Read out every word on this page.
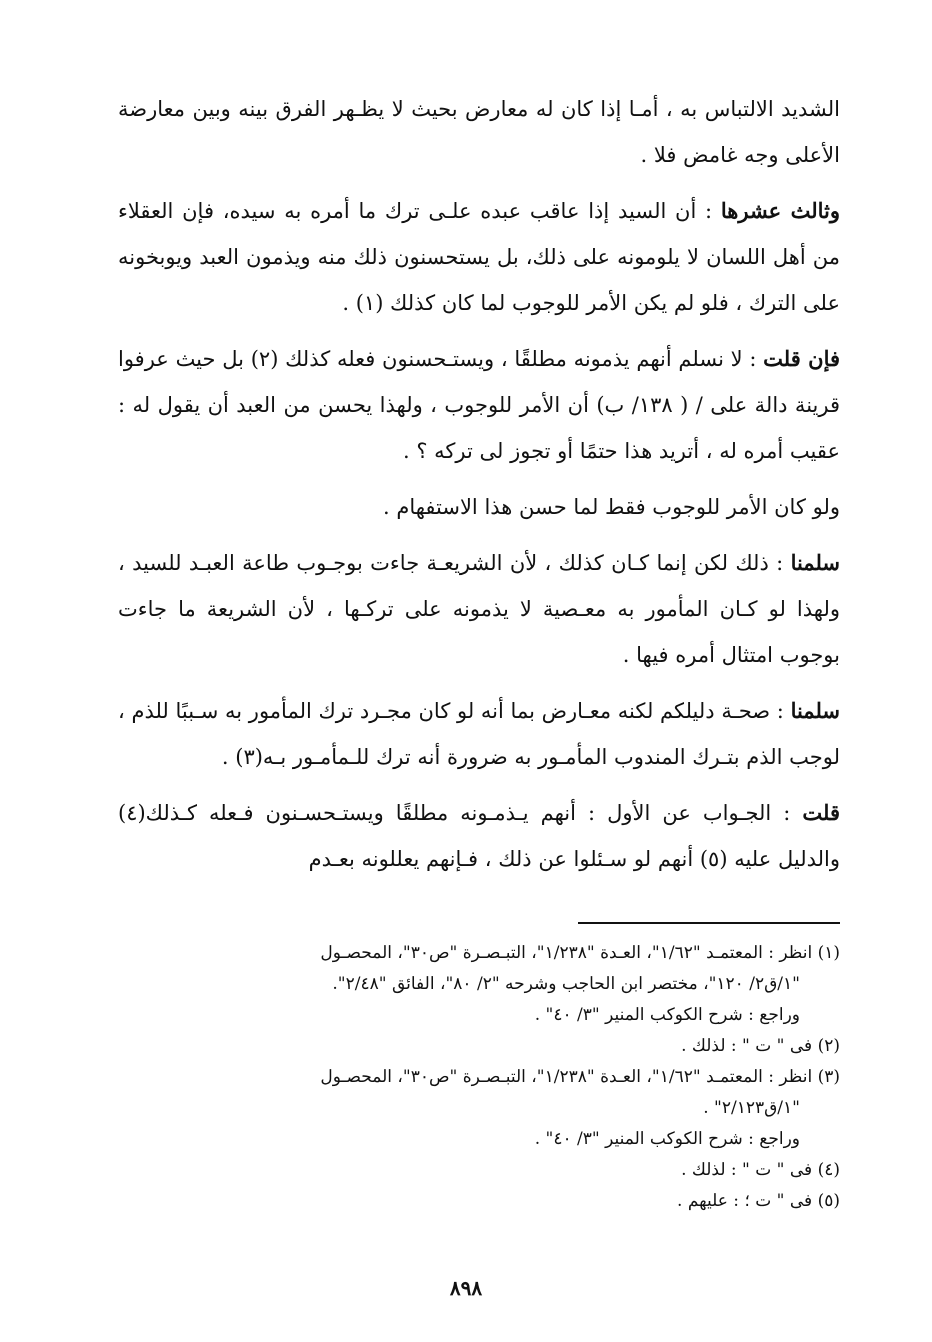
الشديد الالتباس به ، أمـا إذا كان له معارض بحيث لا يظـهر الفرق بينه وبين معارضة الأعلى وجه غامض فلا .

وثالث عشرها : أن السيد إذا عاقب عبده علـى ترك ما أمره به سيده، فإن العقلاء من أهل اللسان لا يلومونه على ذلك، بل يستحسنون ذلك منه ويذمون العبد ويوبخونه على الترك ، فلو لم يكن الأمر للوجوب لما كان كذلك (١) .

فإن قلت : لا نسلم أنهم يذمونه مطلقًا ، ويستـحسنون فعله كذلك (٢) بل حيث عرفوا قرينة دالة على / ( ١٣٨/ ب) أن الأمر للوجوب ، ولهذا يحسن من العبد أن يقول له : عقيب أمره له ، أتريد هذا حتمًا أو تجوز لى تركه ؟ .

ولو كان الأمر للوجوب فقط لما حسن هذا الاستفهام .

سلمنا : ذلك لكن إنما كـان كذلك ، لأن الشريعـة جاءت بوجـوب طاعة العبـد للسيد ، ولهذا لو كـان المأمور به معـصية لا يذمونه على تركـها ، لأن الشريعة ما جاءت بوجوب امتثال أمره فيها .

سلمنا : صحـة دليلكم لكنه معـارض بما أنه لو كان مجـرد ترك المأمور به سـببًا للذم ، لوجب الذم بتـرك المندوب المأمـور به ضرورة أنه ترك للـمأمـور بـه(٣) .

قلت : الجـواب عن الأول : أنهم يـذمـونه مطلقًا ويستـحسـنون فـعله كـذلك(٤) والدليل عليه (٥) أنهم لو سـئلوا عن ذلك ، فـإنهم يعللونه بعـدم

(١) انظر : المعتمـد "١/٦٢"، العـدة "١/٢٣٨"، التبـصـرة "ص٣٠"، المحصـول

"١/ق٢/ ١٢٠"، مختصر ابن الحاجب وشرحه "٢/ ٨٠"، الفائق "٢/٤٨".

وراجع : شرح الكوكب المنير "٣/ ٤٠" .

(٢) فى " ت " : لذلك .

(٣) انظر : المعتمـد "١/٦٢"، العـدة "١/٢٣٨"، التبـصـرة "ص٣٠"، المحصـول

"١/ق٢/١٢٣" .

وراجع : شرح الكوكب المنير "٣/ ٤٠" .

(٤) فى " ت " : لذلك .

(٥) فى " ت ؛ : عليهم .

٨٩٨
